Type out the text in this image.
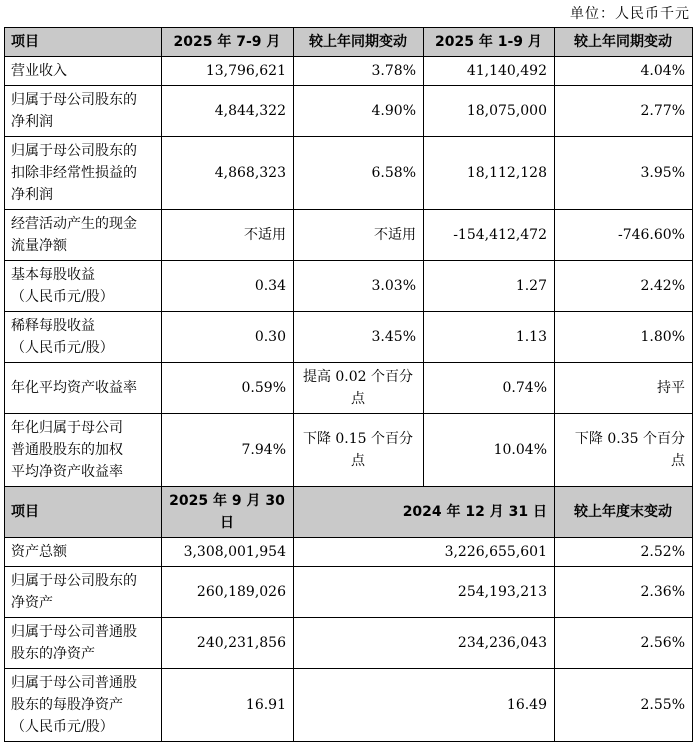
单位：人民币千元
项目	2025 年 7-9 月	较上年同期变动	2025 年 1-9 月	较上年同期变动

营业收入	13,796,621	3.78%	41,140,492	4.04%

归属于母公司股东的
净利润	4,844,322	4.90%	18,075,000	2.77%

归属于母公司股东的
扣除非经常性损益的
净利润	4,868,323	6.58%	18,112,128	3.95%

经营活动产生的现金
流量净额	不适用	不适用	-154,412,472	-746.60%

基本每股收益
（人民币元/股）	0.34	3.03%	1.27	2.42%

稀释每股收益
（人民币元/股）	0.30	3.45%	1.13	1.80%

年化平均资产收益率	0.59%	提高 0.02 个百分点	0.74%	持平

年化归属于母公司
普通股股东的加权
平均净资产收益率	7.94%	下降 0.15 个百分点	10.04%	下降 0.35 个百分点
项目	2025 年 9 月 30 日	2024 年 12 月 31 日		较上年度末变动

资产总额	3,308,001,954	3,226,655,601		2.52%

归属于母公司股东的
净资产	260,189,026	254,193,213		2.36%

归属于母公司普通股
股东的净资产	240,231,856	234,236,043		2.56%

归属于母公司普通股
股东的每股净资产
（人民币元/股）	16.91	16.49		2.55%
